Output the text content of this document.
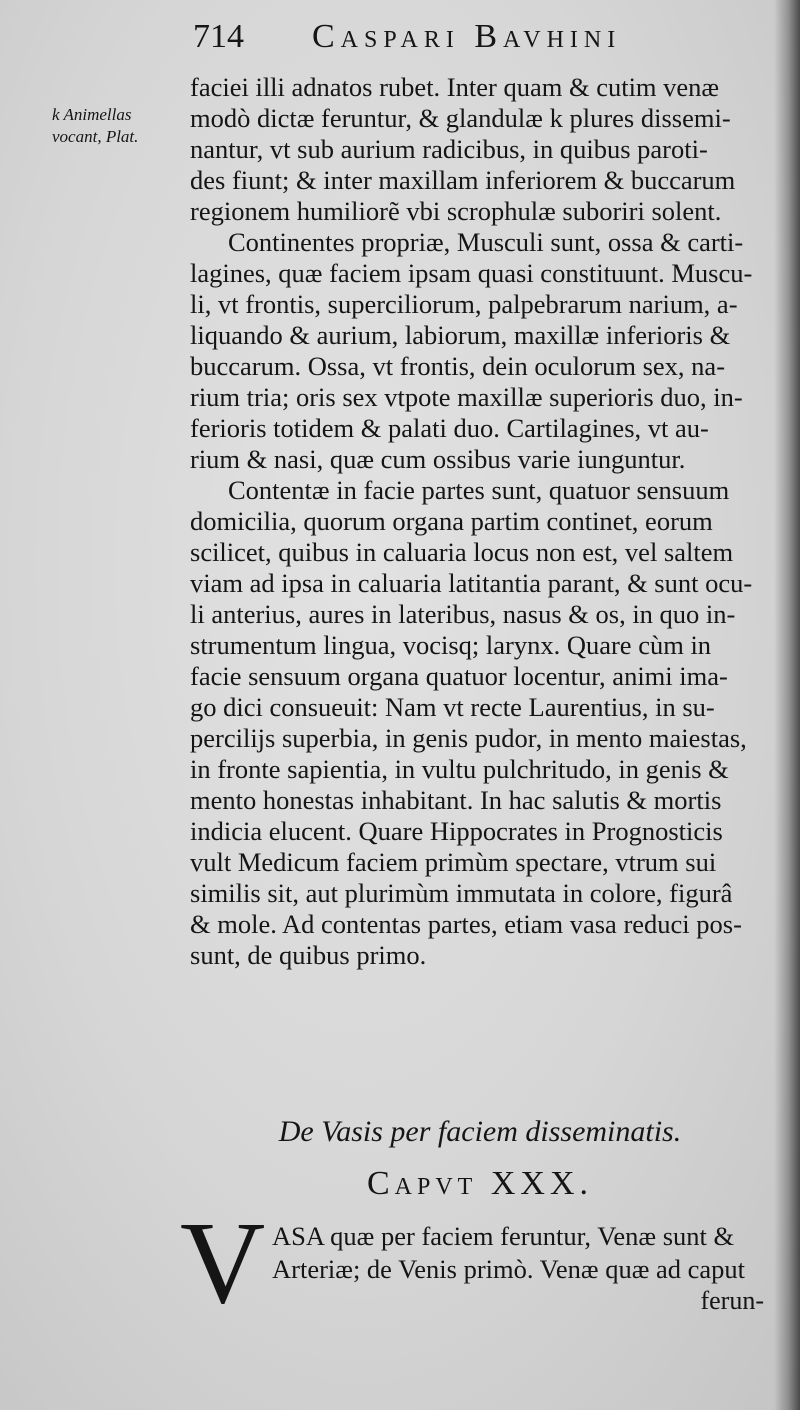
714 Caspari Bavhini
k Animellas
vocant, Plat.
faciei illi adnatos rubet. Inter quam & cutim venæ
modò dictæ feruntur, & glandulæ k plures dissemi-
nantur, vt sub aurium radicibus, in quibus paroti-
des fiunt; & inter maxillam inferiorem & buccarum
regionem humiliorẽ vbi scrophulæ suboriri solent.
Continentes propriæ, Musculi sunt, ossa & carti-
lagines, quæ faciem ipsam quasi constituunt. Muscu-
li, vt frontis, superciliorum, palpebrarum narium, a-
liquando & aurium, labiorum, maxillæ inferioris &
buccarum. Ossa, vt frontis, dein oculorum sex, na-
rium tria; oris sex vtpote maxillæ superioris duo, in-
ferioris totidem & palati duo. Cartilagines, vt au-
rium & nasi, quæ cum ossibus varie iunguntur.
Contentæ in facie partes sunt, quatuor sensuum
domicilia, quorum organa partim continet, eorum
scilicet, quibus in caluaria locus non est, vel saltem
viam ad ipsa in caluaria latitantia parant, & sunt ocu-
li anterius, aures in lateribus, nasus & os, in quo in-
strumentum lingua, vocisq; larynx. Quare cùm in
facie sensuum organa quatuor locentur, animi ima-
go dici consueuit: Nam vt recte Laurentius, in su-
percilijs superbia, in genis pudor, in mento maiestas,
in fronte sapientia, in vultu pulchritudo, in genis &
mento honestas inhabitant. In hac salutis & mortis
indicia elucent. Quare Hippocrates in Prognosticis
vult Medicum faciem primùm spectare, vtrum sui
similis sit, aut plurimùm immutata in colore, figurâ
& mole. Ad contentas partes, etiam vasa reduci pos-
sunt, de quibus primo.
De Vasis per faciem disseminatis.
Capvt XXX.
V ASA quæ per faciem feruntur, Venæ sunt &
Arteriæ; de Venis primò. Venæ quæ ad caput
ferun-
